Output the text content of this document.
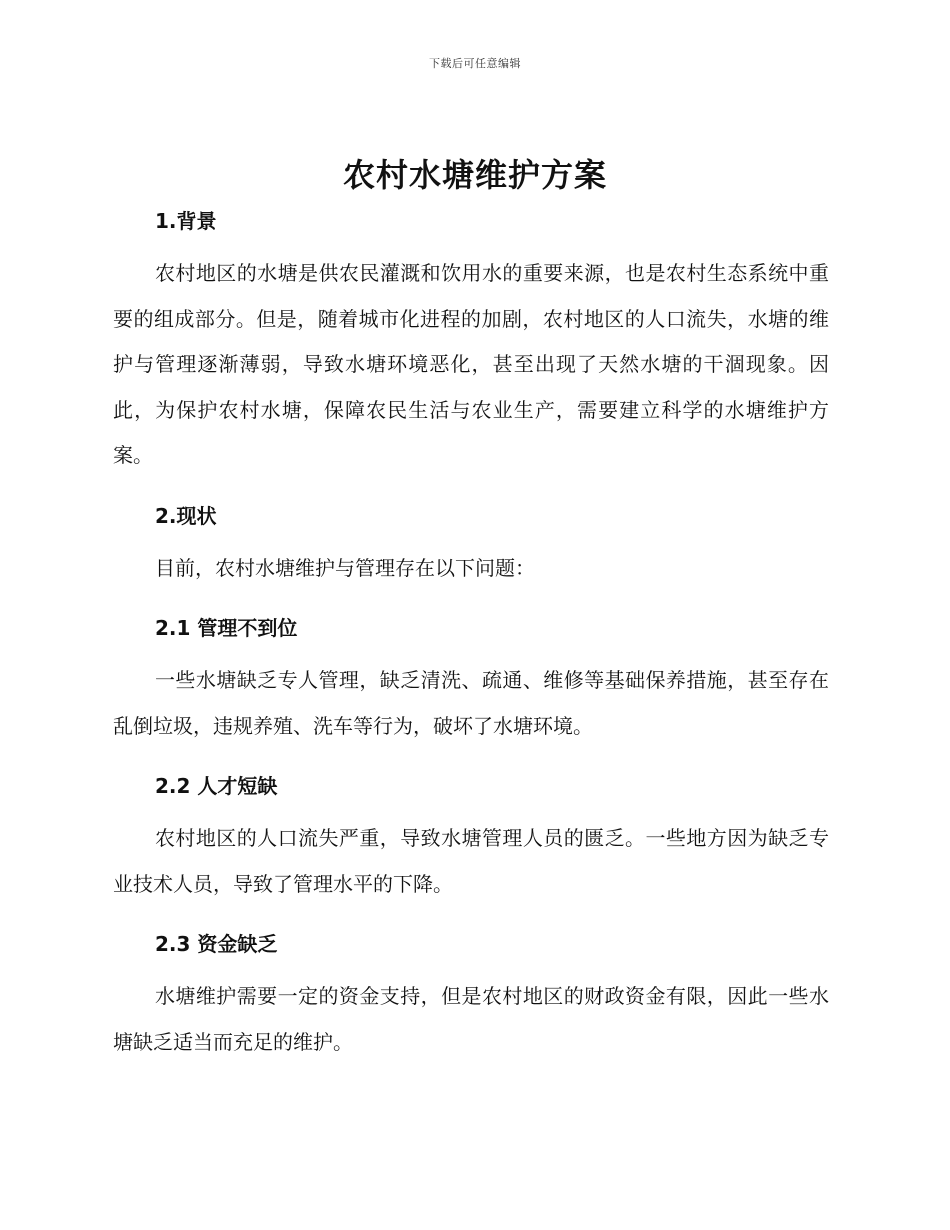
下载后可任意编辑
农村水塘维护方案

1.背景

农村地区的水塘是供农民灌溉和饮用水的重要来源，也是农村生态系统中重要的组成部分。但是，随着城市化进程的加剧，农村地区的人口流失，水塘的维护与管理逐渐薄弱，导致水塘环境恶化，甚至出现了天然水塘的干涸现象。因此，为保护农村水塘，保障农民生活与农业生产，需要建立科学的水塘维护方案。

2.现状

目前，农村水塘维护与管理存在以下问题：

2.1 管理不到位

一些水塘缺乏专人管理，缺乏清洗、疏通、维修等基础保养措施，甚至存在乱倒垃圾，违规养殖、洗车等行为，破坏了水塘环境。

2.2 人才短缺

农村地区的人口流失严重，导致水塘管理人员的匮乏。一些地方因为缺乏专业技术人员，导致了管理水平的下降。

2.3 资金缺乏

水塘维护需要一定的资金支持，但是农村地区的财政资金有限，因此一些水塘缺乏适当而充足的维护。
